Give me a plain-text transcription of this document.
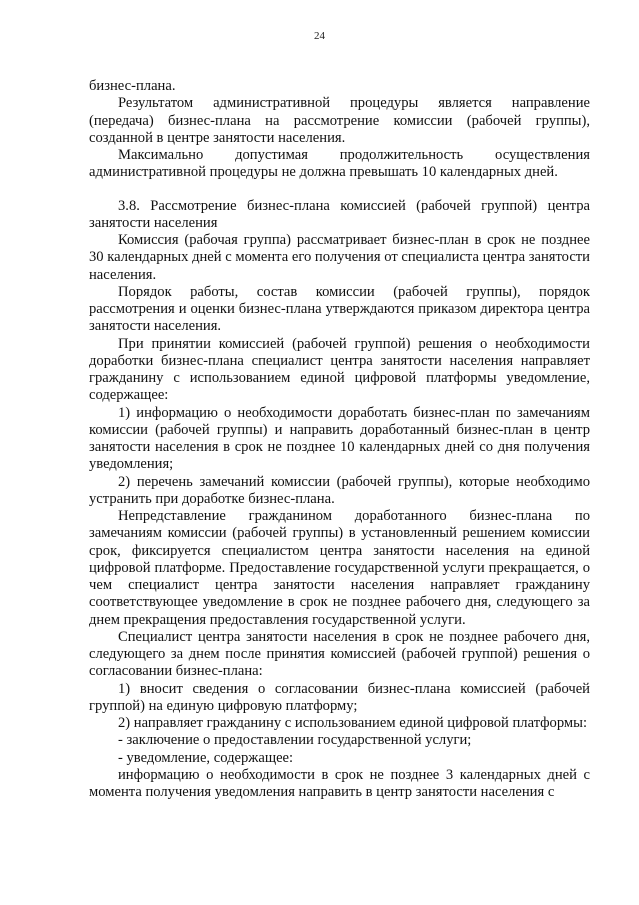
24

бизнес-плана.

Результатом административной процедуры является направление (передача) бизнес-плана на рассмотрение комиссии (рабочей группы), созданной в центре занятости населения.

Максимально допустимая продолжительность осуществления административной процедуры не должна превышать 10 календарных дней.

3.8. Рассмотрение бизнес-плана комиссией (рабочей группой) центра занятости населения

Комиссия (рабочая группа) рассматривает бизнес-план в срок не позднее 30 календарных дней с момента его получения от специалиста центра занятости населения.

Порядок работы, состав комиссии (рабочей группы), порядок рассмотрения и оценки бизнес-плана утверждаются приказом директора центра занятости населения.

При принятии комиссией (рабочей группой) решения о необходимости доработки бизнес-плана специалист центра занятости населения направляет гражданину с использованием единой цифровой платформы уведомление, содержащее:

1) информацию о необходимости доработать бизнес-план по замечаниям комиссии (рабочей группы) и направить доработанный бизнес-план в центр занятости населения в срок не позднее 10 календарных дней со дня получения уведомления;

2) перечень замечаний комиссии (рабочей группы), которые необходимо устранить при доработке бизнес-плана.

Непредставление гражданином доработанного бизнес-плана по замечаниям комиссии (рабочей группы) в установленный решением комиссии срок, фиксируется специалистом центра занятости населения на единой цифровой платформе. Предоставление государственной услуги прекращается, о чем специалист центра занятости населения направляет гражданину соответствующее уведомление в срок не позднее рабочего дня, следующего за днем прекращения предоставления государственной услуги.

Специалист центра занятости населения в срок не позднее рабочего дня, следующего за днем после принятия комиссией (рабочей группой) решения о согласовании бизнес-плана:

1) вносит сведения о согласовании бизнес-плана комиссией (рабочей группой) на единую цифровую платформу;

2) направляет гражданину с использованием единой цифровой платформы:

- заключение о предоставлении государственной услуги;

- уведомление, содержащее:

информацию о необходимости в срок не позднее 3 календарных дней с момента получения уведомления направить в центр занятости населения с
